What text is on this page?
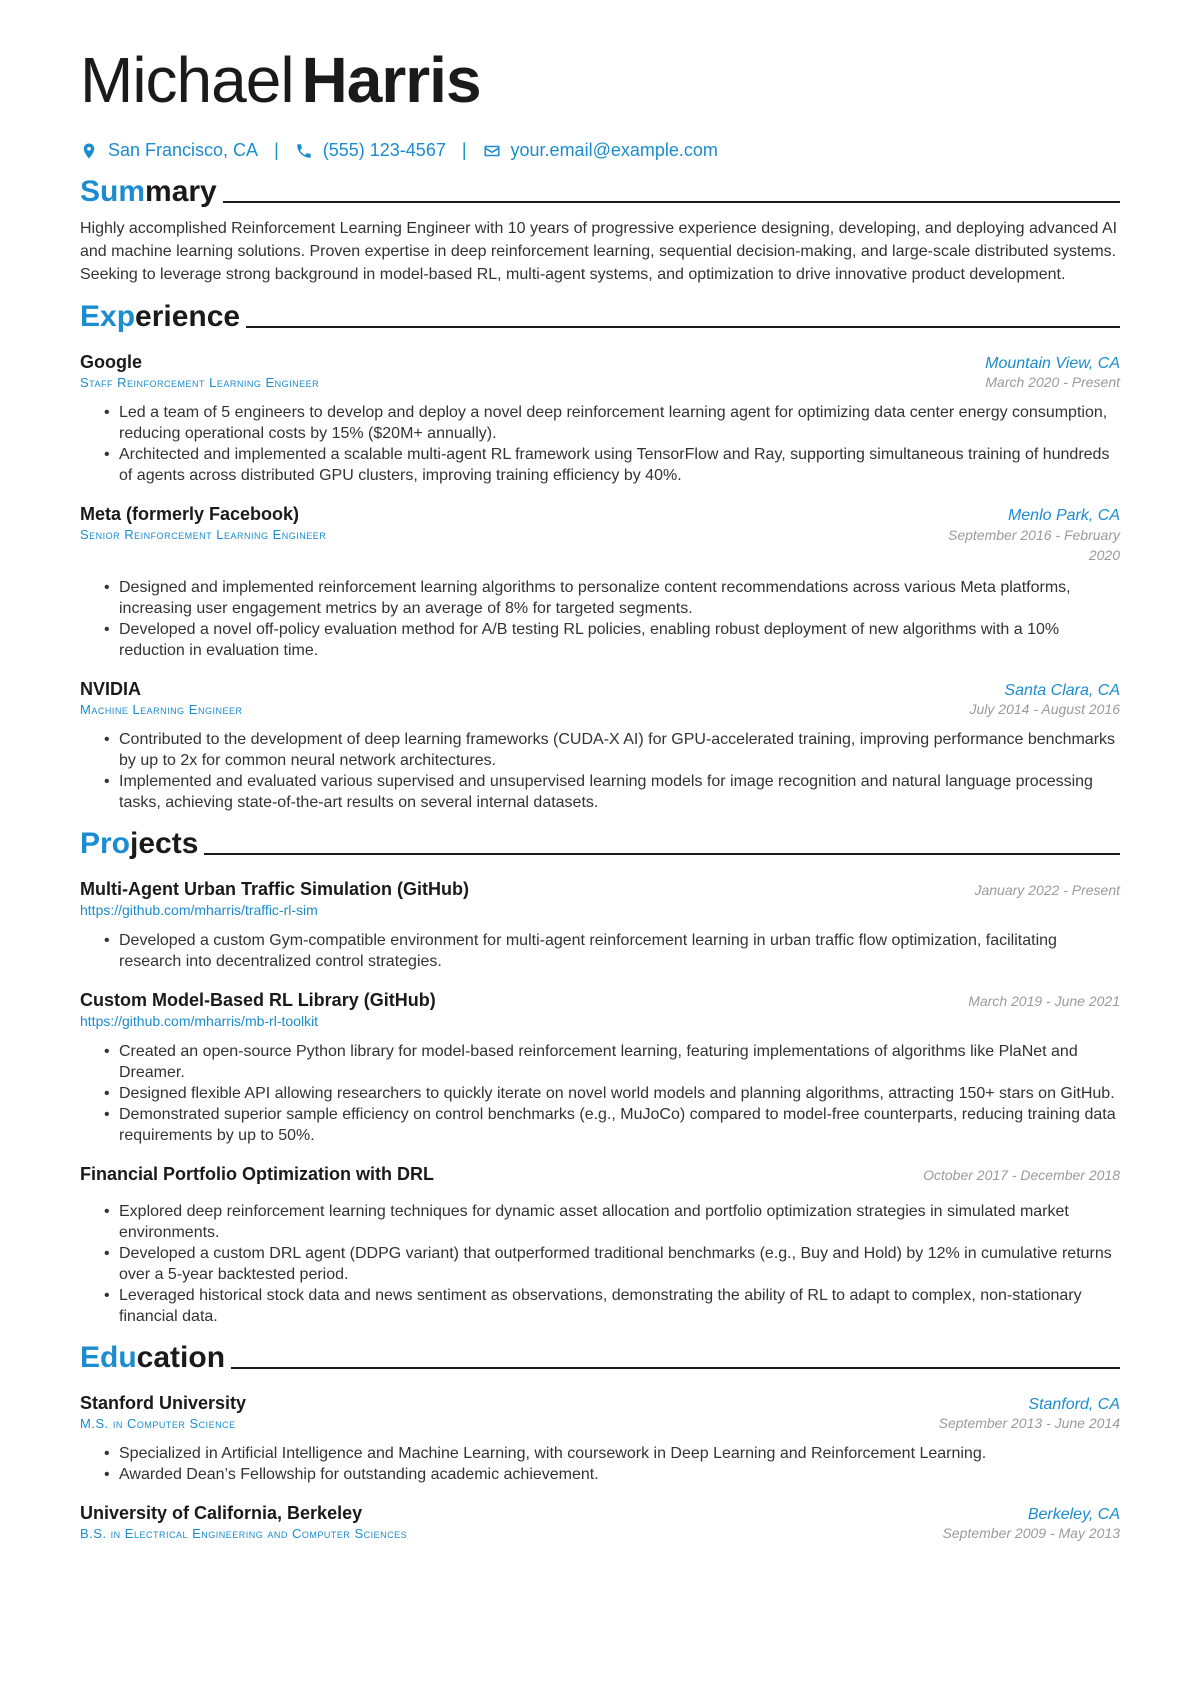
Michael Harris
San Francisco, CA | (555) 123-4567 | your.email@example.com
Summary
Highly accomplished Reinforcement Learning Engineer with 10 years of progressive experience designing, developing, and deploying advanced AI and machine learning solutions. Proven expertise in deep reinforcement learning, sequential decision-making, and large-scale distributed systems. Seeking to leverage strong background in model-based RL, multi-agent systems, and optimization to drive innovative product development.
Experience
Google	Mountain View, CA
Staff Reinforcement Learning Engineer	March 2020 - Present
• Led a team of 5 engineers to develop and deploy a novel deep reinforcement learning agent for optimizing data center energy consumption, reducing operational costs by 15% ($20M+ annually).
• Architected and implemented a scalable multi-agent RL framework using TensorFlow and Ray, supporting simultaneous training of hundreds of agents across distributed GPU clusters, improving training efficiency by 40%.
Meta (formerly Facebook)	Menlo Park, CA
Senior Reinforcement Learning Engineer	September 2016 - February 2020
• Designed and implemented reinforcement learning algorithms to personalize content recommendations across various Meta platforms, increasing user engagement metrics by an average of 8% for targeted segments.
• Developed a novel off-policy evaluation method for A/B testing RL policies, enabling robust deployment of new algorithms with a 10% reduction in evaluation time.
NVIDIA	Santa Clara, CA
Machine Learning Engineer	July 2014 - August 2016
• Contributed to the development of deep learning frameworks (CUDA-X AI) for GPU-accelerated training, improving performance benchmarks by up to 2x for common neural network architectures.
• Implemented and evaluated various supervised and unsupervised learning models for image recognition and natural language processing tasks, achieving state-of-the-art results on several internal datasets.
Projects
Multi-Agent Urban Traffic Simulation (GitHub)	January 2022 - Present
https://github.com/mharris/traffic-rl-sim
• Developed a custom Gym-compatible environment for multi-agent reinforcement learning in urban traffic flow optimization, facilitating research into decentralized control strategies.
Custom Model-Based RL Library (GitHub)	March 2019 - June 2021
https://github.com/mharris/mb-rl-toolkit
• Created an open-source Python library for model-based reinforcement learning, featuring implementations of algorithms like PlaNet and Dreamer.
• Designed flexible API allowing researchers to quickly iterate on novel world models and planning algorithms, attracting 150+ stars on GitHub.
• Demonstrated superior sample efficiency on control benchmarks (e.g., MuJoCo) compared to model-free counterparts, reducing training data requirements by up to 50%.
Financial Portfolio Optimization with DRL	October 2017 - December 2018
• Explored deep reinforcement learning techniques for dynamic asset allocation and portfolio optimization strategies in simulated market environments.
• Developed a custom DRL agent (DDPG variant) that outperformed traditional benchmarks (e.g., Buy and Hold) by 12% in cumulative returns over a 5-year backtested period.
• Leveraged historical stock data and news sentiment as observations, demonstrating the ability of RL to adapt to complex, non-stationary financial data.
Education
Stanford University	Stanford, CA
M.S. in Computer Science	September 2013 - June 2014
• Specialized in Artificial Intelligence and Machine Learning, with coursework in Deep Learning and Reinforcement Learning.
• Awarded Dean’s Fellowship for outstanding academic achievement.
University of California, Berkeley	Berkeley, CA
B.S. in Electrical Engineering and Computer Sciences	September 2009 - May 2013
